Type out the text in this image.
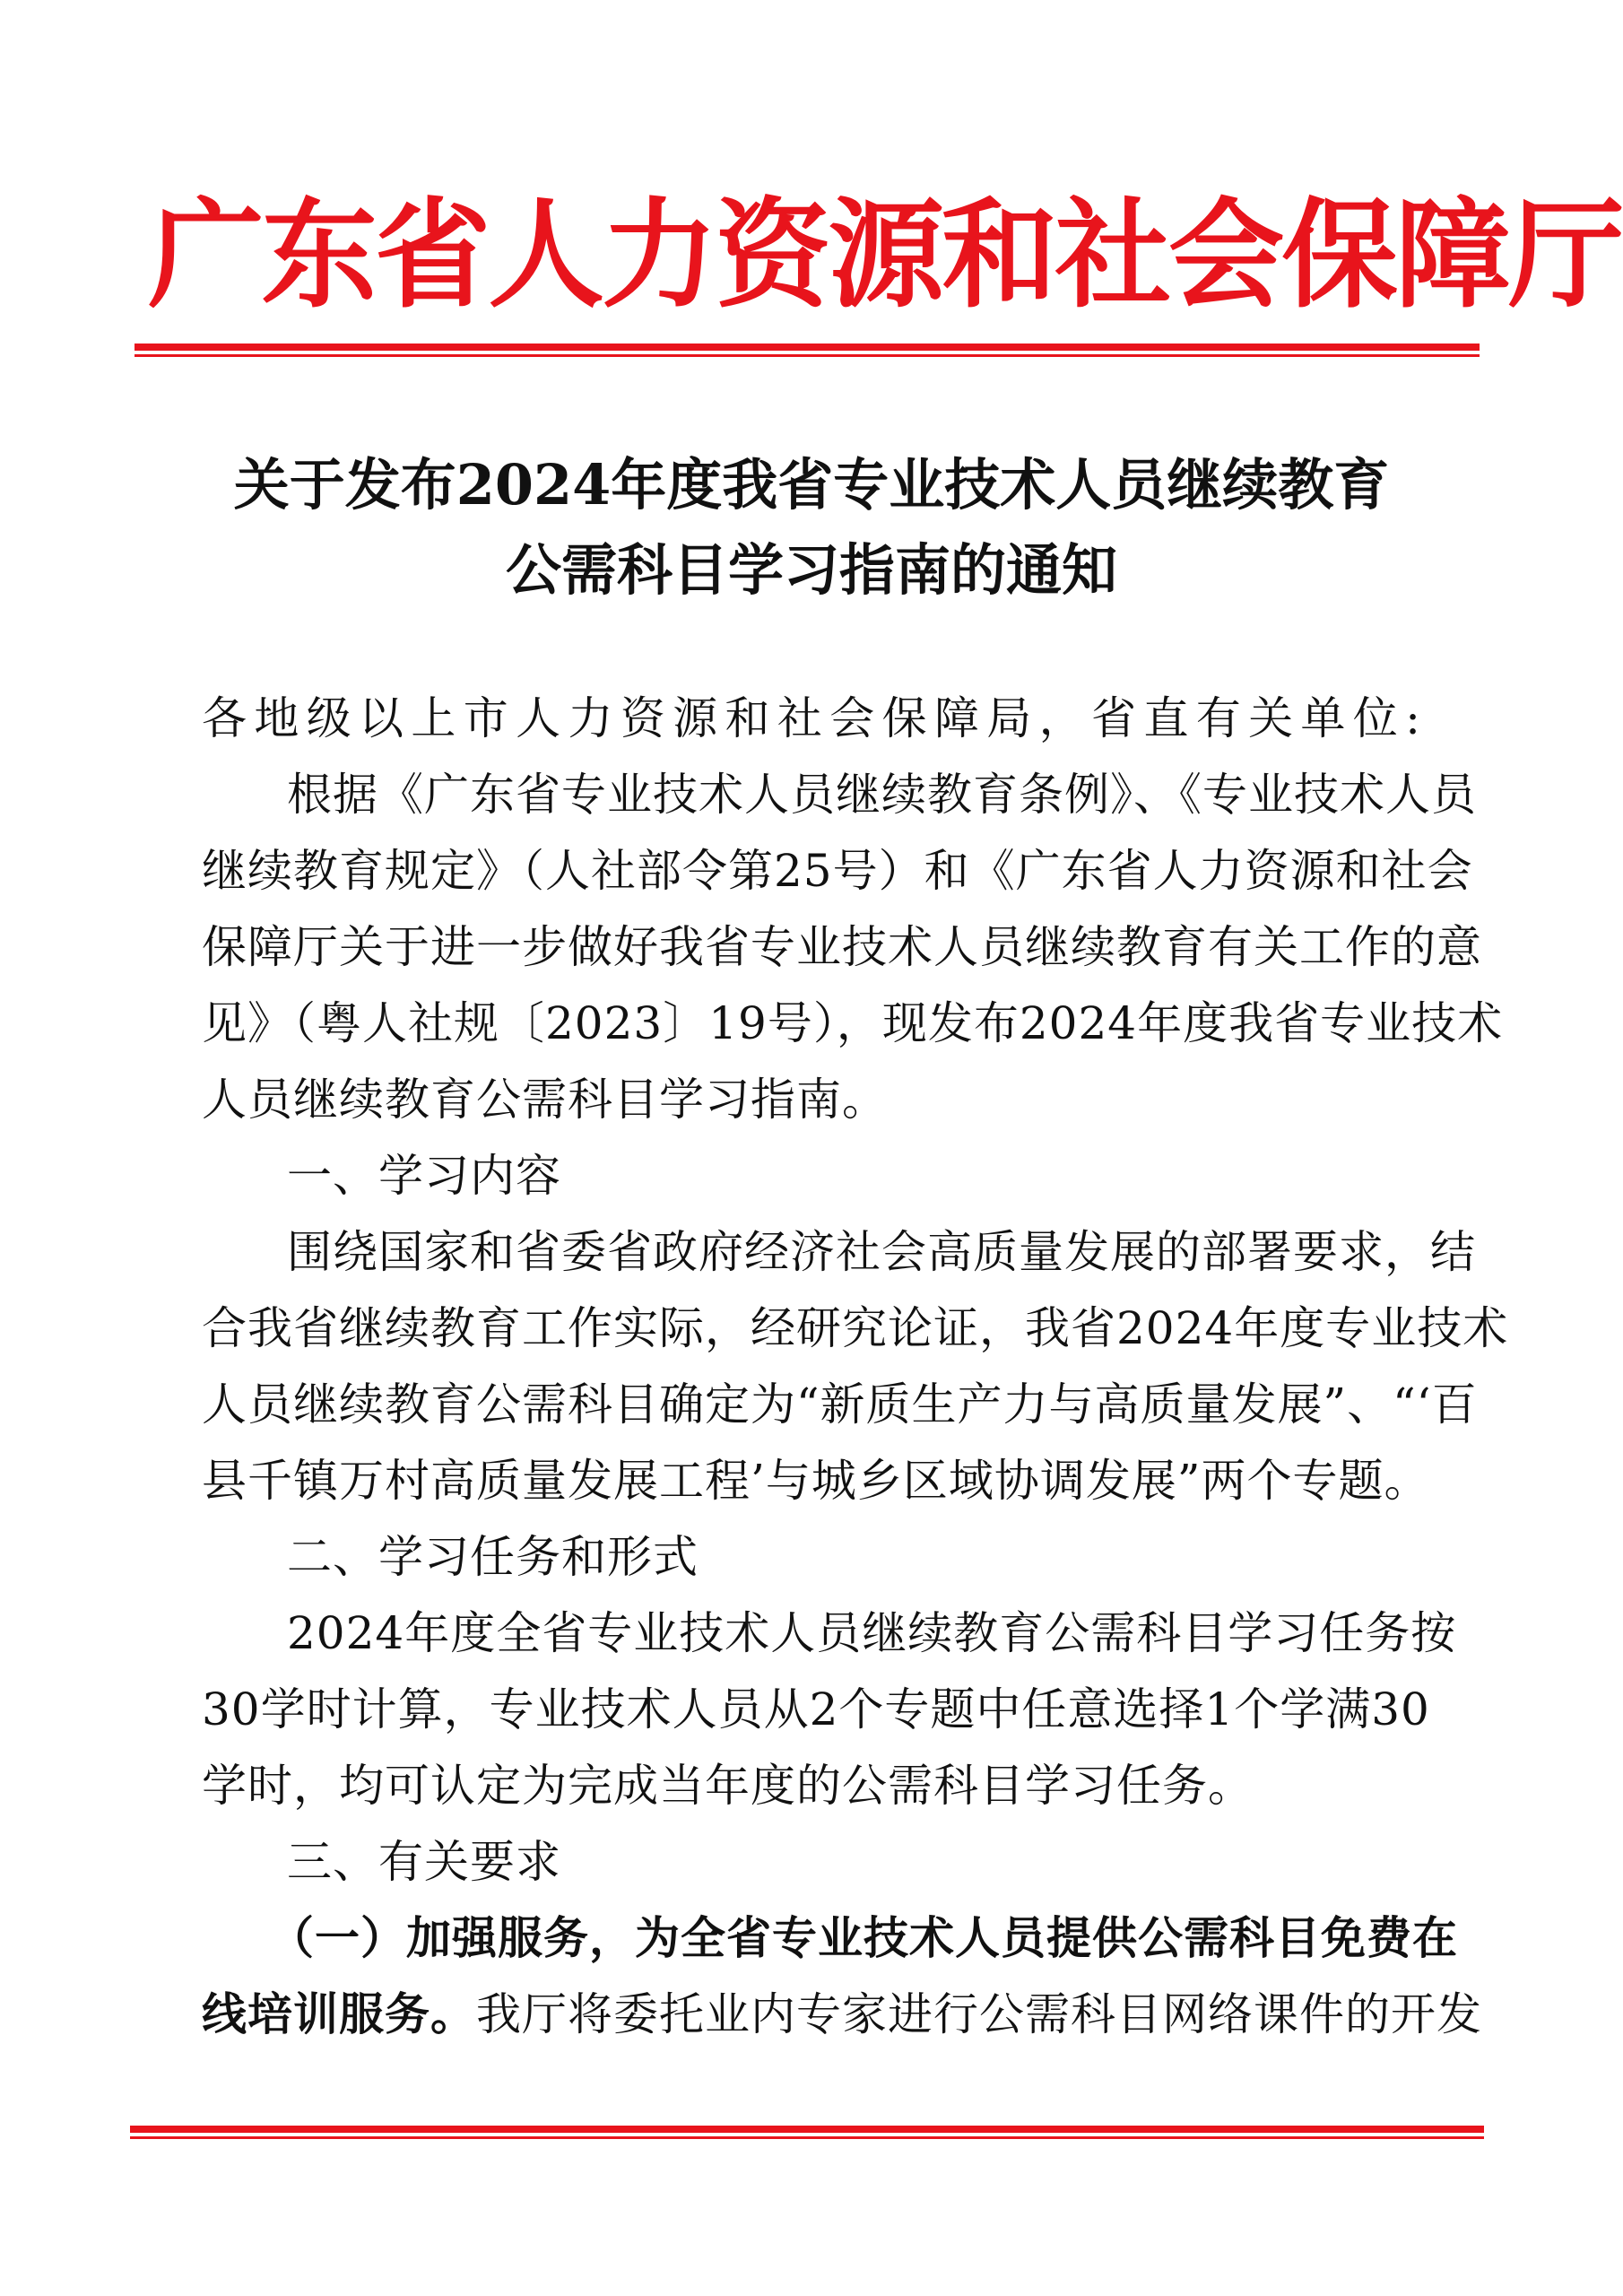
广东省人力资源和社会保障厅
关于发布2024年度我省专业技术人员继续教育
公需科目学习指南的通知
各地级以上市人力资源和社会保障局，省直有关单位:
根据《广东省专业技术人员继续教育条例》、《专业技术人员
继续教育规定》（人社部令第25号）和《广东省人力资源和社会
保障厅关于进一步做好我省专业技术人员继续教育有关工作的意
见》（粤人社规〔2023〕19号），现发布2024年度我省专业技术
人员继续教育公需科目学习指南。
一、学习内容
围绕国家和省委省政府经济社会高质量发展的部署要求，结
合我省继续教育工作实际，经研究论证，我省2024年度专业技术
人员继续教育公需科目确定为“新质生产力与高质量发展”、“‘百
县千镇万村高质量发展工程’与城乡区域协调发展”两个专题。
二、学习任务和形式
2024年度全省专业技术人员继续教育公需科目学习任务按
30学时计算，专业技术人员从2个专题中任意选择1个学满30
学时，均可认定为完成当年度的公需科目学习任务。
三、有关要求
（一）加强服务，为全省专业技术人员提供公需科目免费在
线培训服务。我厅将委托业内专家进行公需科目网络课件的开发
